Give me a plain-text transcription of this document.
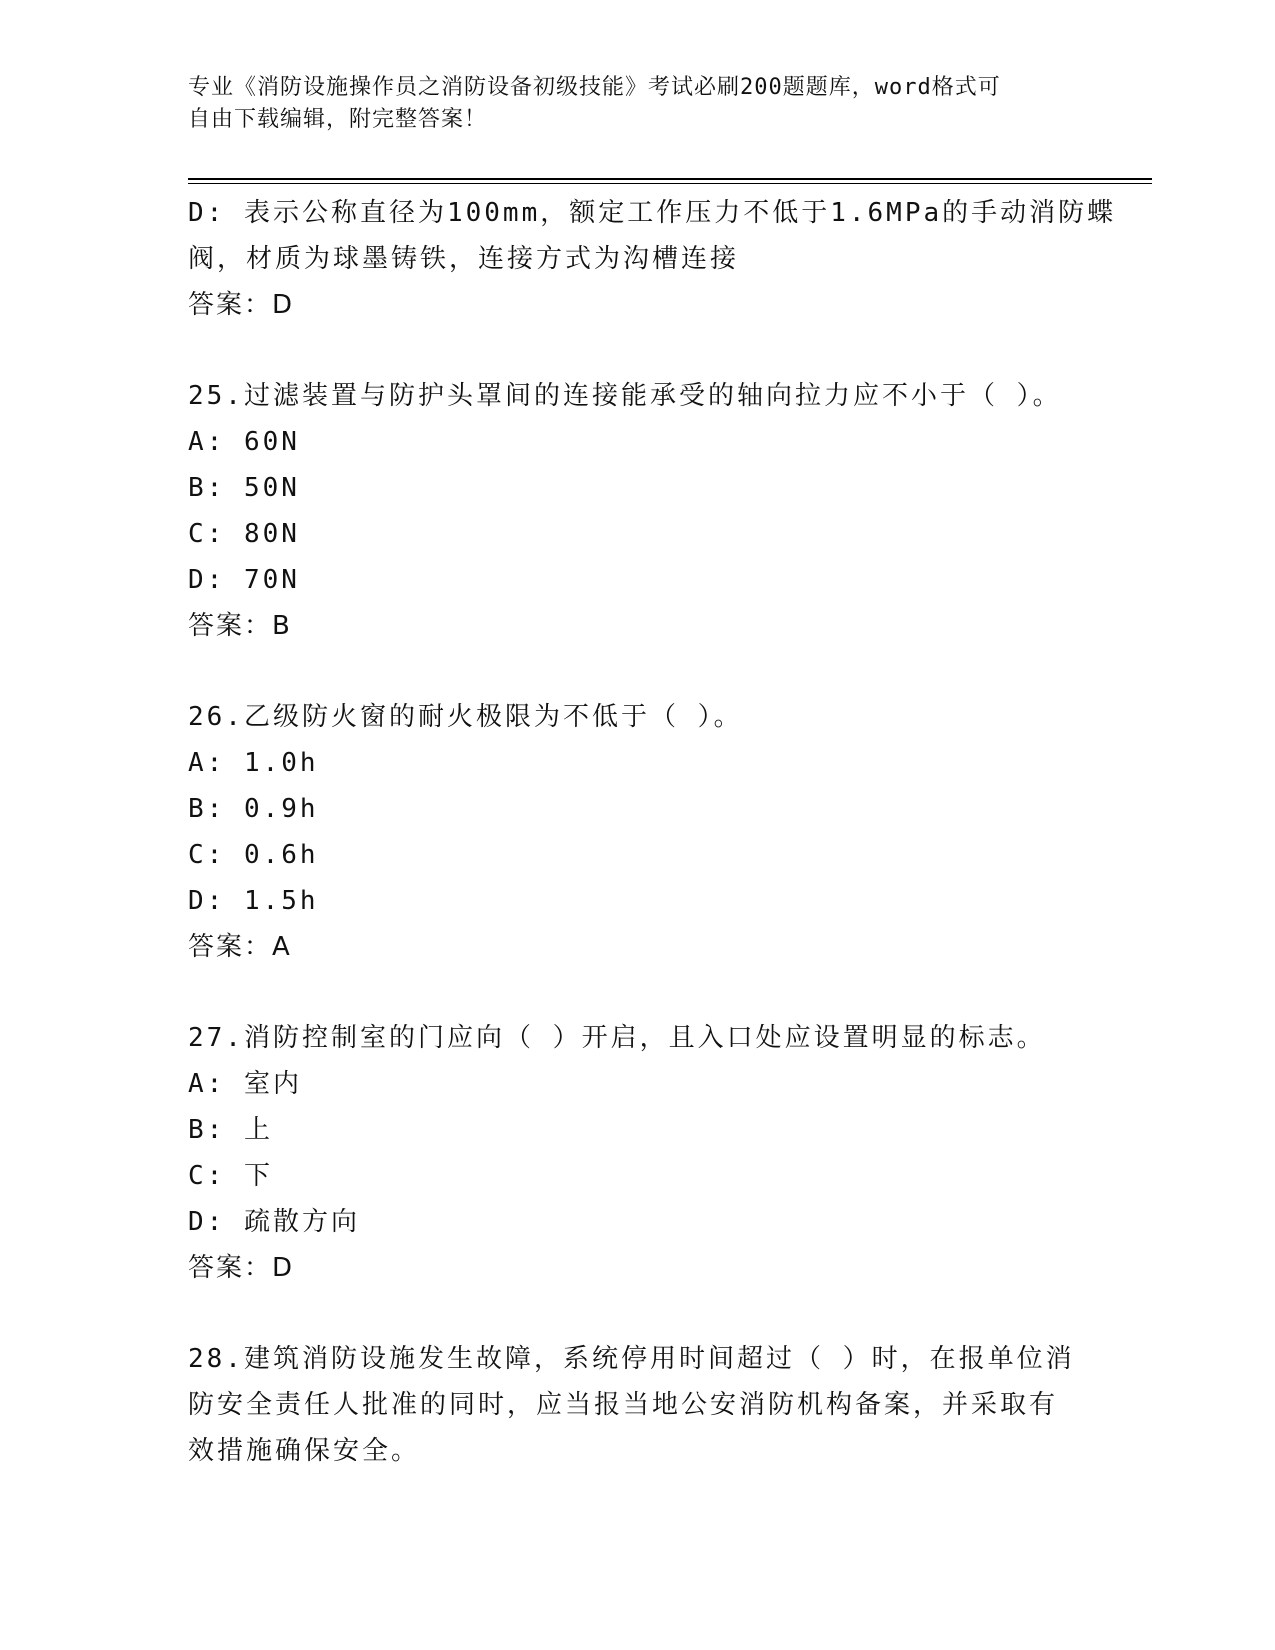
专业《消防设施操作员之消防设备初级技能》考试必刷200题题库，word格式可
自由下载编辑，附完整答案！
D: 表示公称直径为100mm，额定工作压力不低于1.6MPa的手动消防蝶
阀，材质为球墨铸铁，连接方式为沟槽连接
答案：D
25.过滤装置与防护头罩间的连接能承受的轴向拉力应不小于（ ）。
A: 60N
B: 50N
C: 80N
D: 70N
答案：B
26.乙级防火窗的耐火极限为不低于（ ）。
A: 1.0h
B: 0.9h
C: 0.6h
D: 1.5h
答案：A
27.消防控制室的门应向（ ）开启，且入口处应设置明显的标志。
A: 室内
B: 上
C: 下
D: 疏散方向
答案：D
28.建筑消防设施发生故障，系统停用时间超过（ ）时，在报单位消
防安全责任人批准的同时，应当报当地公安消防机构备案，并采取有
效措施确保安全。
